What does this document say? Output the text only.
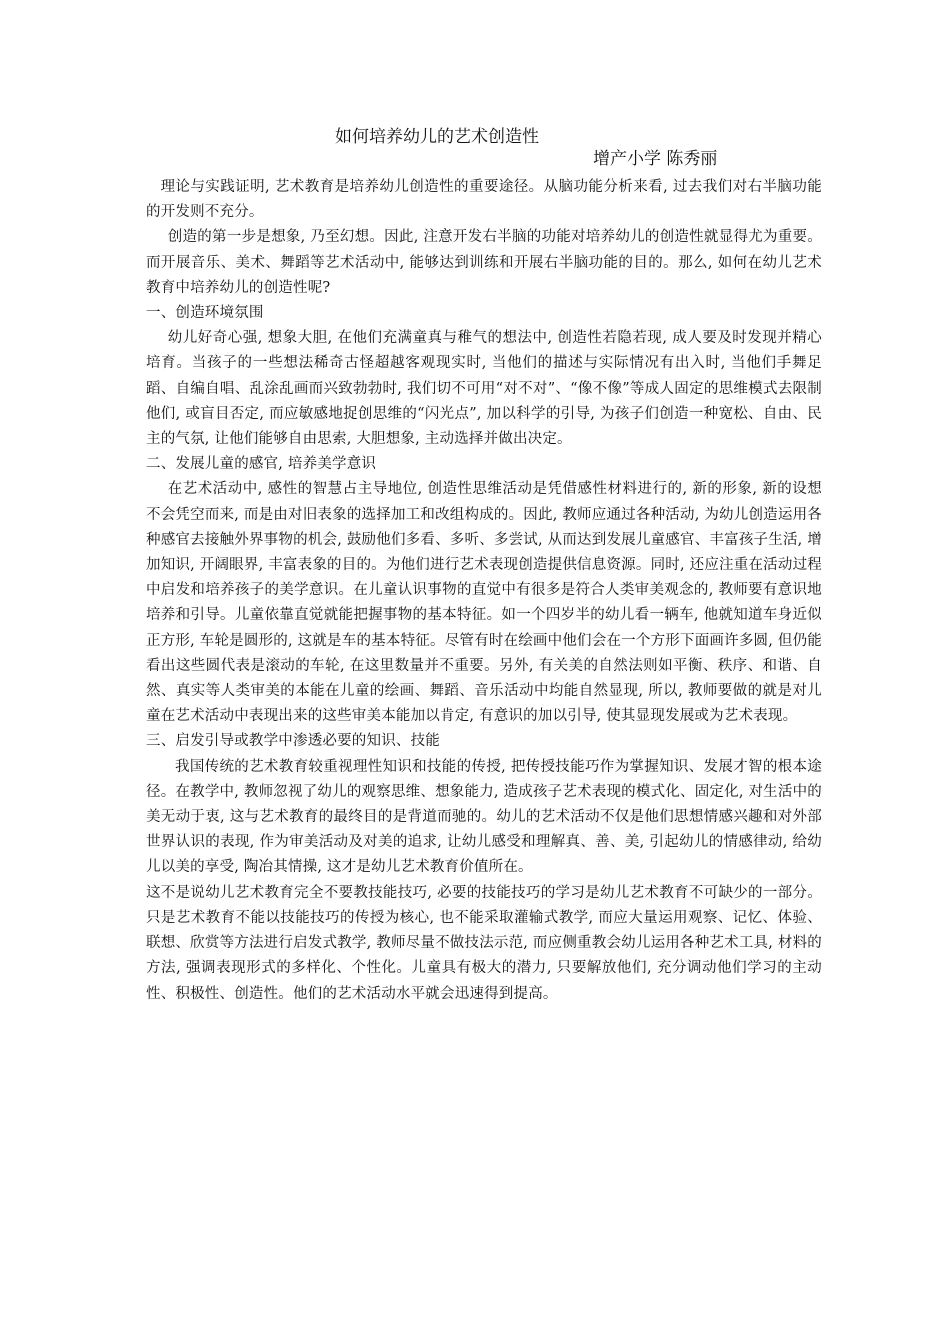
如何培养幼儿的艺术创造性
增产小学 陈秀丽

理论与实践证明, 艺术教育是培养幼儿创造性的重要途径。从脑功能分析来看, 过去我们对右半脑功能的开发则不充分。

创造的第一步是想象, 乃至幻想。因此, 注意开发右半脑的功能对培养幼儿的创造性就显得尤为重要。而开展音乐、美术、舞蹈等艺术活动中, 能够达到训练和开展右半脑功能的目的。那么, 如何在幼儿艺术教育中培养幼儿的创造性呢?

一、创造环境氛围

幼儿好奇心强, 想象大胆, 在他们充满童真与稚气的想法中, 创造性若隐若现, 成人要及时发现并精心培育。当孩子的一些想法稀奇古怪超越客观现实时, 当他们的描述与实际情况有出入时, 当他们手舞足蹈、自编自唱、乱涂乱画而兴致勃勃时, 我们切不可用“对不对”、“像不像”等成人固定的思维模式去限制他们, 或盲目否定, 而应敏感地捉创思维的“闪光点”, 加以科学的引导, 为孩子们创造一种宽松、自由、民主的气氛, 让他们能够自由思索, 大胆想象, 主动选择并做出决定。

二、发展儿童的感官, 培养美学意识

在艺术活动中, 感性的智慧占主导地位, 创造性思维活动是凭借感性材料进行的, 新的形象, 新的设想不会凭空而来, 而是由对旧表象的选择加工和改组构成的。因此, 教师应通过各种活动, 为幼儿创造运用各种感官去接触外界事物的机会, 鼓励他们多看、多听、多尝试, 从而达到发展儿童感官、丰富孩子生活, 增加知识, 开阔眼界, 丰富表象的目的。为他们进行艺术表现创造提供信息资源。同时, 还应注重在活动过程中启发和培养孩子的美学意识。在儿童认识事物的直觉中有很多是符合人类审美观念的, 教师要有意识地培养和引导。儿童依靠直觉就能把握事物的基本特征。如一个四岁半的幼儿看一辆车, 他就知道车身近似正方形, 车轮是圆形的, 这就是车的基本特征。尽管有时在绘画中他们会在一个方形下面画许多圆, 但仍能看出这些圆代表是滚动的车轮, 在这里数量并不重要。另外, 有关美的自然法则如平衡、秩序、和谐、自然、真实等人类审美的本能在儿童的绘画、舞蹈、音乐活动中均能自然显现, 所以, 教师要做的就是对儿童在艺术活动中表现出来的这些审美本能加以肯定, 有意识的加以引导, 使其显现发展或为艺术表现。

三、启发引导或教学中渗透必要的知识、技能

我国传统的艺术教育较重视理性知识和技能的传授, 把传授技能巧作为掌握知识、发展才智的根本途径。在教学中, 教师忽视了幼儿的观察思维、想象能力, 造成孩子艺术表现的模式化、固定化, 对生活中的美无动于衷, 这与艺术教育的最终目的是背道而驰的。幼儿的艺术活动不仅是他们思想情感兴趣和对外部世界认识的表现, 作为审美活动及对美的追求, 让幼儿感受和理解真、善、美, 引起幼儿的情感律动, 给幼儿以美的享受, 陶冶其情操, 这才是幼儿艺术教育价值所在。

这不是说幼儿艺术教育完全不要教技能技巧, 必要的技能技巧的学习是幼儿艺术教育不可缺少的一部分。只是艺术教育不能以技能技巧的传授为核心, 也不能采取灌输式教学, 而应大量运用观察、记忆、体验、联想、欣赏等方法进行启发式教学, 教师尽量不做技法示范, 而应侧重教会幼儿运用各种艺术工具, 材料的方法, 强调表现形式的多样化、个性化。儿童具有极大的潜力, 只要解放他们, 充分调动他们学习的主动性、积极性、创造性。他们的艺术活动水平就会迅速得到提高。
